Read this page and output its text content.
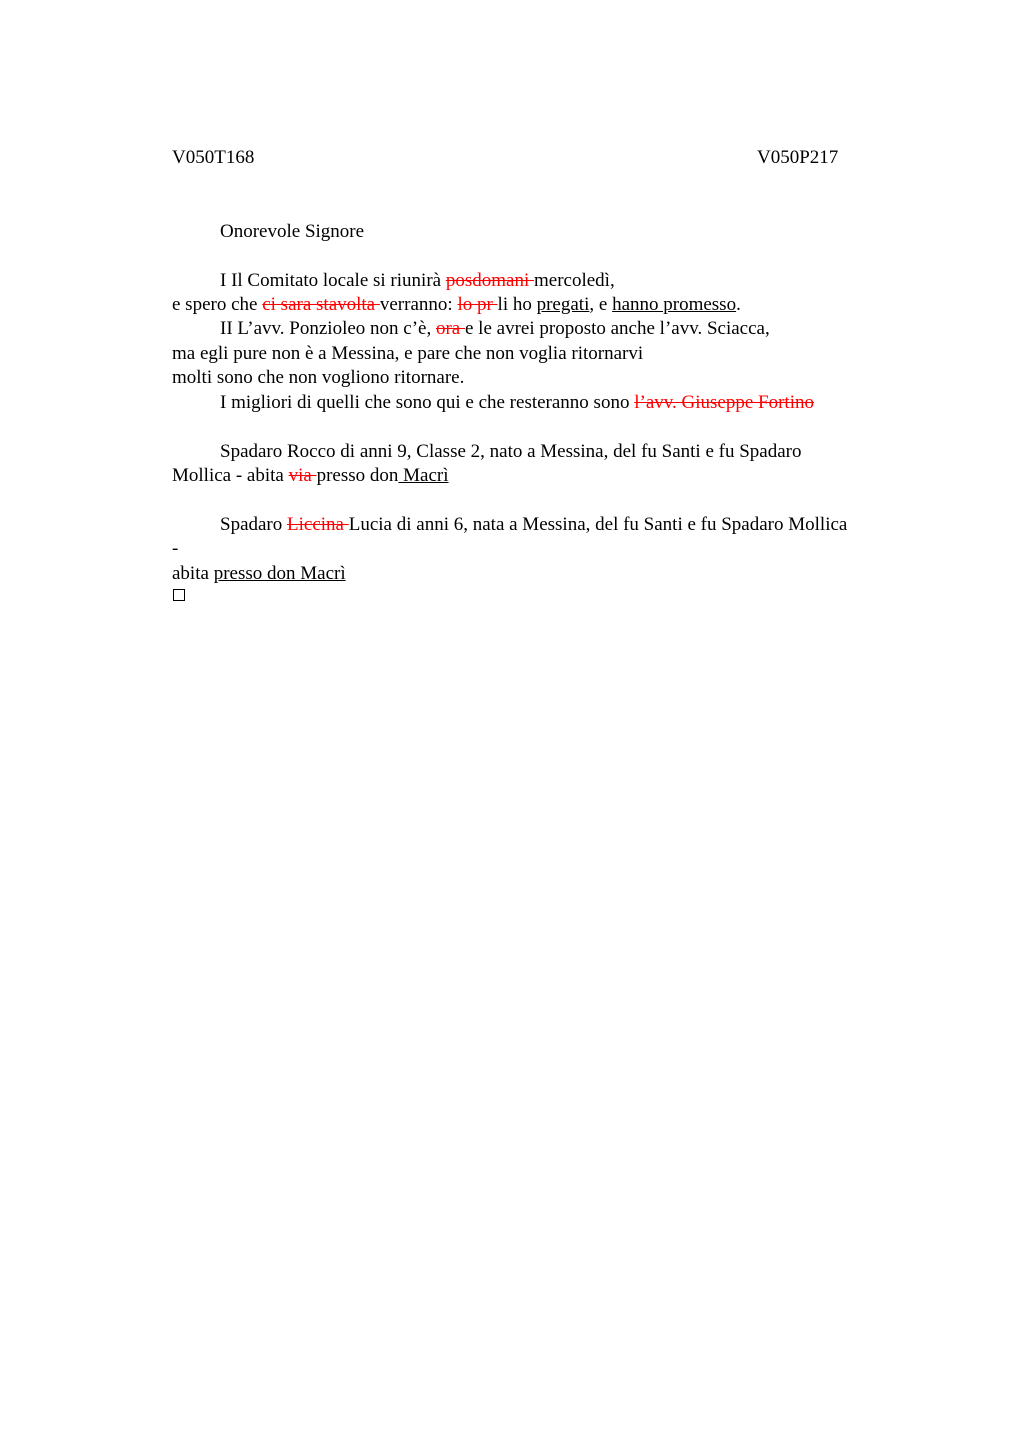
V050T168	V050P217
Onorevole Signore
I Il Comitato locale si riunirà posdomani mercoledì,
e spero che ci sara stavolta verranno: lo pr li ho pregati, e hanno promesso.
II L’avv. Ponzioleo non c’è, ora e le avrei proposto anche l’avv. Sciacca,
ma egli pure non è a Messina, e pare che non voglia ritornarvi
molti sono che non vogliono ritornare.
I migliori di quelli che sono qui e che resteranno sono l’avv. Giuseppe Fortino
Spadaro Rocco di anni 9, Classe 2, nato a Messina, del fu Santi e fu Spadaro
Mollica - abita via presso don Macrì
Spadaro Liccina Lucia di anni 6, nata a Messina, del fu Santi e fu Spadaro Mollica
-
abita presso don Macrì
